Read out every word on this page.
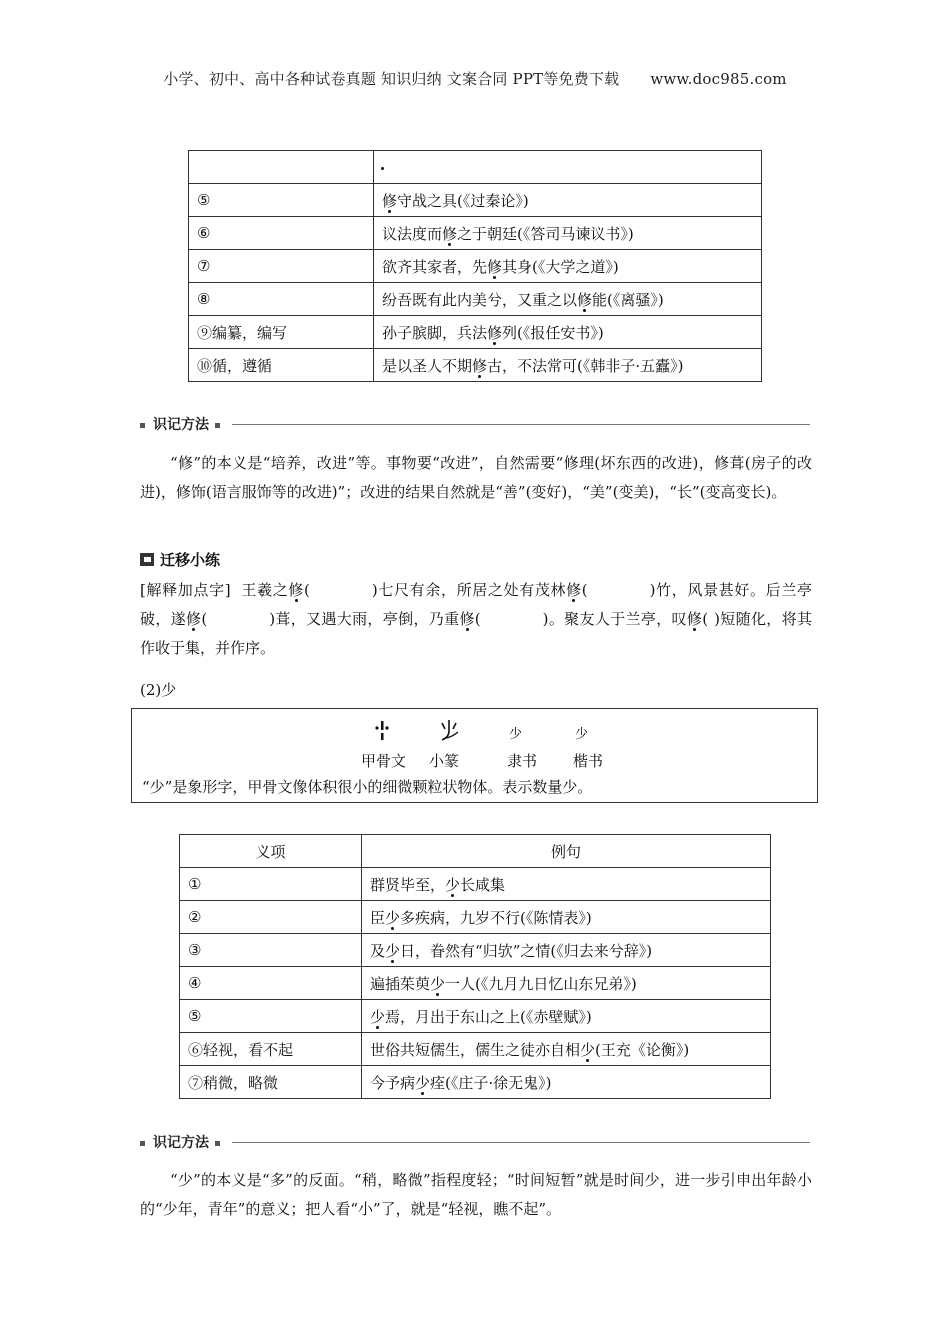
小学、初中、高中各种试卷真题 知识归纳 文案合同 PPT等免费下载 www.doc985.com

⑤	修守战之具(《过秦论》)
⑥	议法度而修之于朝廷(《答司马谏议书》)
⑦	欲齐其家者，先修其身(《大学之道》)
⑧	纷吾既有此内美兮，又重之以修能(《离骚》)
⑨编纂，编写	孙子膑脚，兵法修列(《报任安书》)
⑩循，遵循	是以圣人不期修古，不法常可(《韩非子·五蠹》)
识记方法
“修”的本义是“培养，改进”等。事物要“改进”，自然需要“修理(坏东西的改进)，修葺(房子的改进)，修饰(语言服饰等的改进)”；改进的结果自然就是“善”(变好)，“美”(变美)，“长”(变高变长)。
迁移小练
[解释加点字] 王羲之修(	)七尺有余，所居之处有茂林修(	)竹，风景甚好。后兰亭破，遂修(	)葺，又遇大雨，亭倒，乃重修(	)。聚友人于兰亭，叹修( )短随化，将其作收于集，并作序。
(2)少
少	少
甲骨文 小篆	隶书 楷书
“少”是象形字，甲骨文像体积很小的细微颗粒状物体。表示数量少。
义项	例句
①	群贤毕至，少长咸集
②	臣少多疾病，九岁不行(《陈情表》)
③	及少日，眷然有“归欤”之情(《归去来兮辞》)
④	遍插茱萸少一人(《九月九日忆山东兄弟》)
⑤	少焉，月出于东山之上(《赤壁赋》)
⑥轻视，看不起	世俗共短儒生，儒生之徒亦自相少(王充《论衡》)
⑦稍微，略微	今予病少痊(《庄子·徐无鬼》)
识记方法
“少”的本义是“多”的反面。“稍，略微”指程度轻；“时间短暂”就是时间少，进一步引申出年龄小的“少年，青年”的意义；把人看“小”了，就是“轻视，瞧不起”。
